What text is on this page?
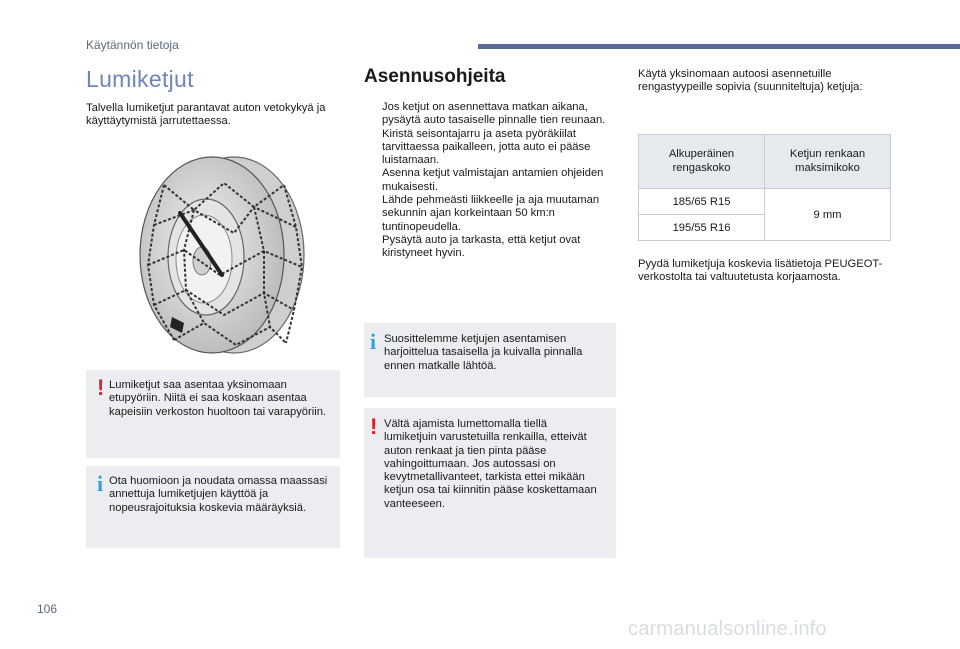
Käytännön tietoja
Lumiketjut
Talvella lumiketjut parantavat auton vetokykyä ja käyttäytymistä jarrutettaessa.
! Lumiketjut saa asentaa yksinomaan etupyöriin. Niitä ei saa koskaan asentaa kapeisiin verkoston huoltoon tai varapyöriin.
i Ota huomioon ja noudata omassa maassasi annettuja lumiketjujen käyttöä ja nopeusrajoituksia koskevia määräyksiä.
Asennusohjeita

Jos ketjut on asennettava matkan aikana, pysäytä auto tasaiselle pinnalle tien reunaan.

Kiristä seisontajarru ja aseta pyöräkiilat tarvittaessa paikalleen, jotta auto ei pääse luistamaan.

Asenna ketjut valmistajan antamien ohjeiden mukaisesti.

Lähde pehmeästi liikkeelle ja aja muutaman sekunnin ajan korkeintaan 50 km:n tuntinopeudella.

Pysäytä auto ja tarkasta, että ketjut ovat kiristyneet hyvin.

i Suosittelemme ketjujen asentamisen harjoittelua tasaisella ja kuivalla pinnalla ennen matkalle lähtöä.
! Vältä ajamista lumettomalla tiellä lumiketjuin varustetuilla renkailla, etteivät auton renkaat ja tien pinta pääse vahingoittumaan. Jos autossasi on kevytmetallivanteet, tarkista ettei mikään ketjun osa tai kiinnitin pääse koskettamaan vanteeseen.
Käytä yksinomaan autoosi asennetuille rengastyypeille sopivia (suunniteltuja) ketjuja:
Alkuperäinen rengaskoko	Ketjun renkaan maksimikoko
185/65 R15	9 mm
195/55 R16	
Pyydä lumiketjuja koskevia lisätietoja PEUGEOT-verkostolta tai valtuutetusta korjaamosta.
106
carmanualsonline.info
